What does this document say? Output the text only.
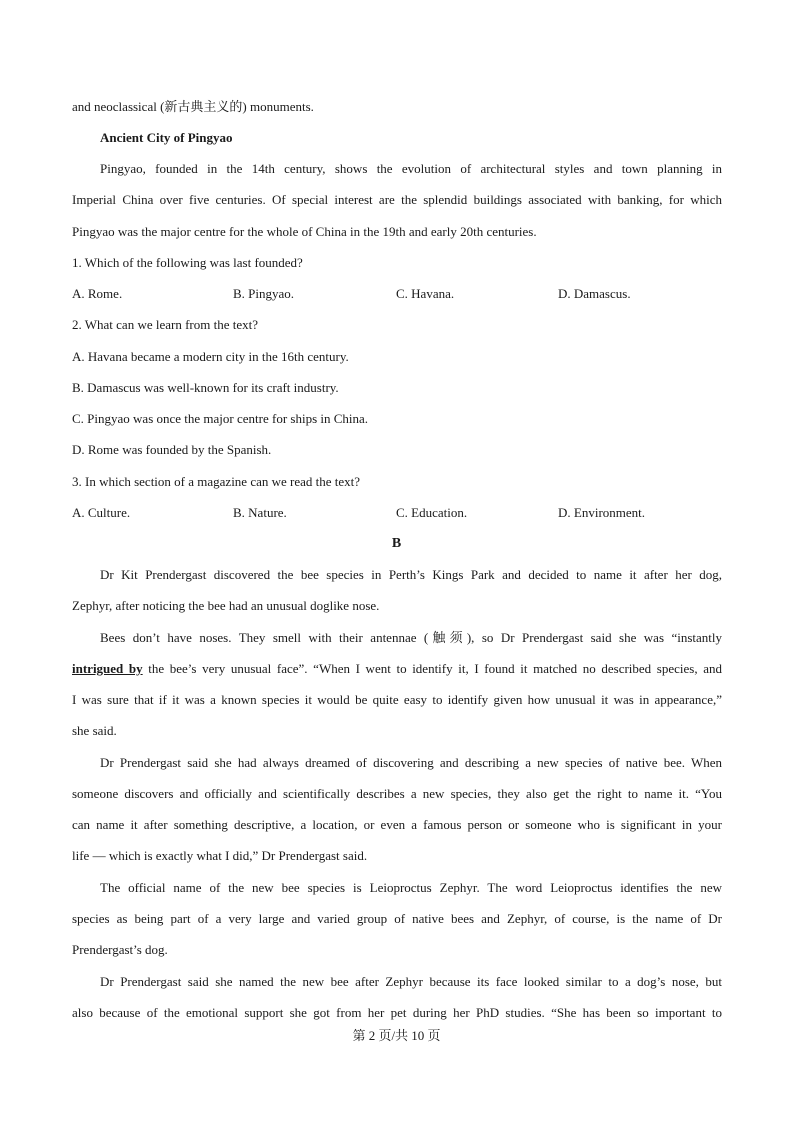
and neoclassical (新古典主义的) monuments.
Ancient City of Pingyao
Pingyao, founded in the 14th century, shows the evolution of architectural styles and town planning in
Imperial China over five centuries. Of special interest are the splendid buildings associated with banking, for which
Pingyao was the major centre for the whole of China in the 19th and early 20th centuries.
1. Which of the following was last founded?
A. Rome.	B. Pingyao.	C. Havana.	D. Damascus.
2. What can we learn from the text?
A. Havana became a modern city in the 16th century.
B. Damascus was well-known for its craft industry.
C. Pingyao was once the major centre for ships in China.
D. Rome was founded by the Spanish.
3. In which section of a magazine can we read the text?
A. Culture.	B. Nature.	C. Education.	D. Environment.
B
Dr Kit Prendergast discovered the bee species in Perth’s Kings Park and decided to name it after her dog,
Zephyr, after noticing the bee had an unusual doglike nose.
Bees don’t have noses. They smell with their antennae (触须), so Dr Prendergast said she was “instantly
intrigued by the bee’s very unusual face”. “When I went to identify it, I found it matched no described species, and
I was sure that if it was a known species it would be quite easy to identify given how unusual it was in appearance,”
she said.
Dr Prendergast said she had always dreamed of discovering and describing a new species of native bee. When
someone discovers and officially and scientifically describes a new species, they also get the right to name it. “You
can name it after something descriptive, a location, or even a famous person or someone who is significant in your
life — which is exactly what I did,” Dr Prendergast said.
The official name of the new bee species is Leioproctus Zephyr. The word Leioproctus identifies the new
species as being part of a very large and varied group of native bees and Zephyr, of course, is the name of Dr
Prendergast’s dog.
Dr Prendergast said she named the new bee after Zephyr because its face looked similar to a dog’s nose, but
also because of the emotional support she got from her pet during her PhD studies. “She has been so important to
第 2 页/共 10 页
